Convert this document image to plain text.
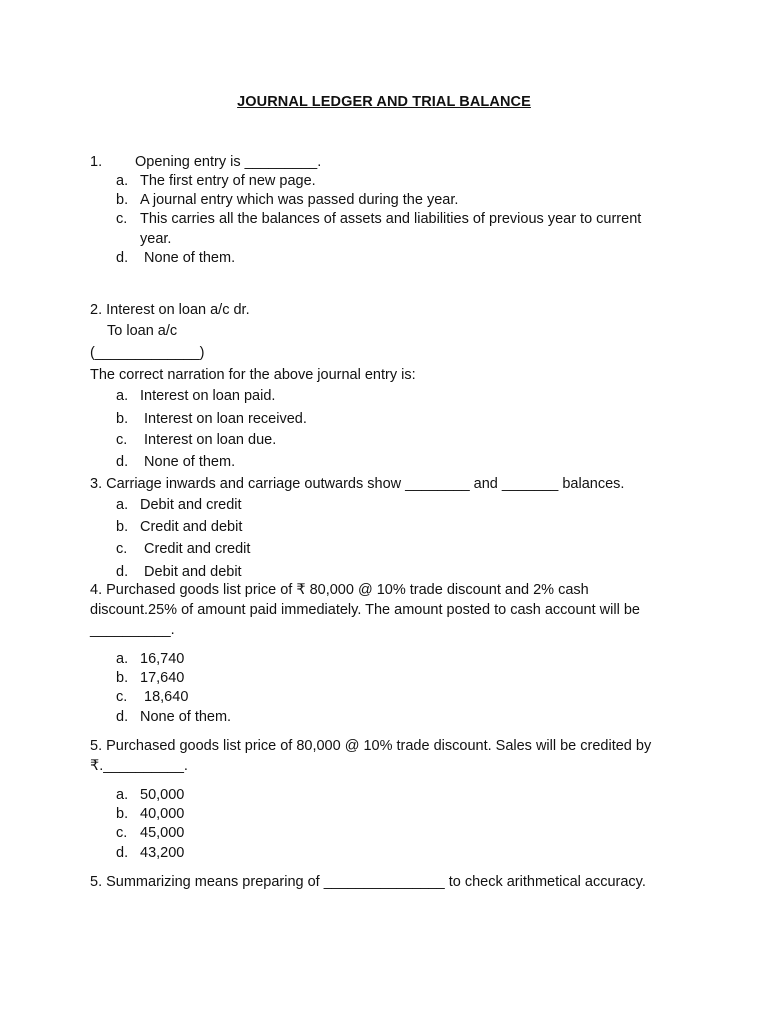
JOURNAL LEDGER AND TRIAL BALANCE
1. Opening entry is _________.
a. The first entry of new page.
b. A journal entry which was passed during the year.
c. This carries all the balances of assets and liabilities of previous year to current
year.
d. None of them.
2. Interest on loan a/c dr.
To loan a/c
(_____________)
The correct narration for the above journal entry is:
a. Interest on loan paid.
b. Interest on loan received.
c. Interest on loan due.
d. None of them.
3. Carriage inwards and carriage outwards show ________ and _______ balances.
a. Debit and credit
b. Credit and debit
c. Credit and credit
d. Debit and debit
4. Purchased goods list price of ₹ 80,000 @ 10% trade discount and 2% cash
discount.25% of amount paid immediately. The amount posted to cash account will be
__________.
a. 16,740
b. 17,640
c. 18,640
d. None of them.
5. Purchased goods list price of 80,000 @ 10% trade discount. Sales will be credited by
₹.__________.
a. 50,000
b. 40,000
c. 45,000
d. 43,200
5. Summarizing means preparing of _______________ to check arithmetical accuracy.
